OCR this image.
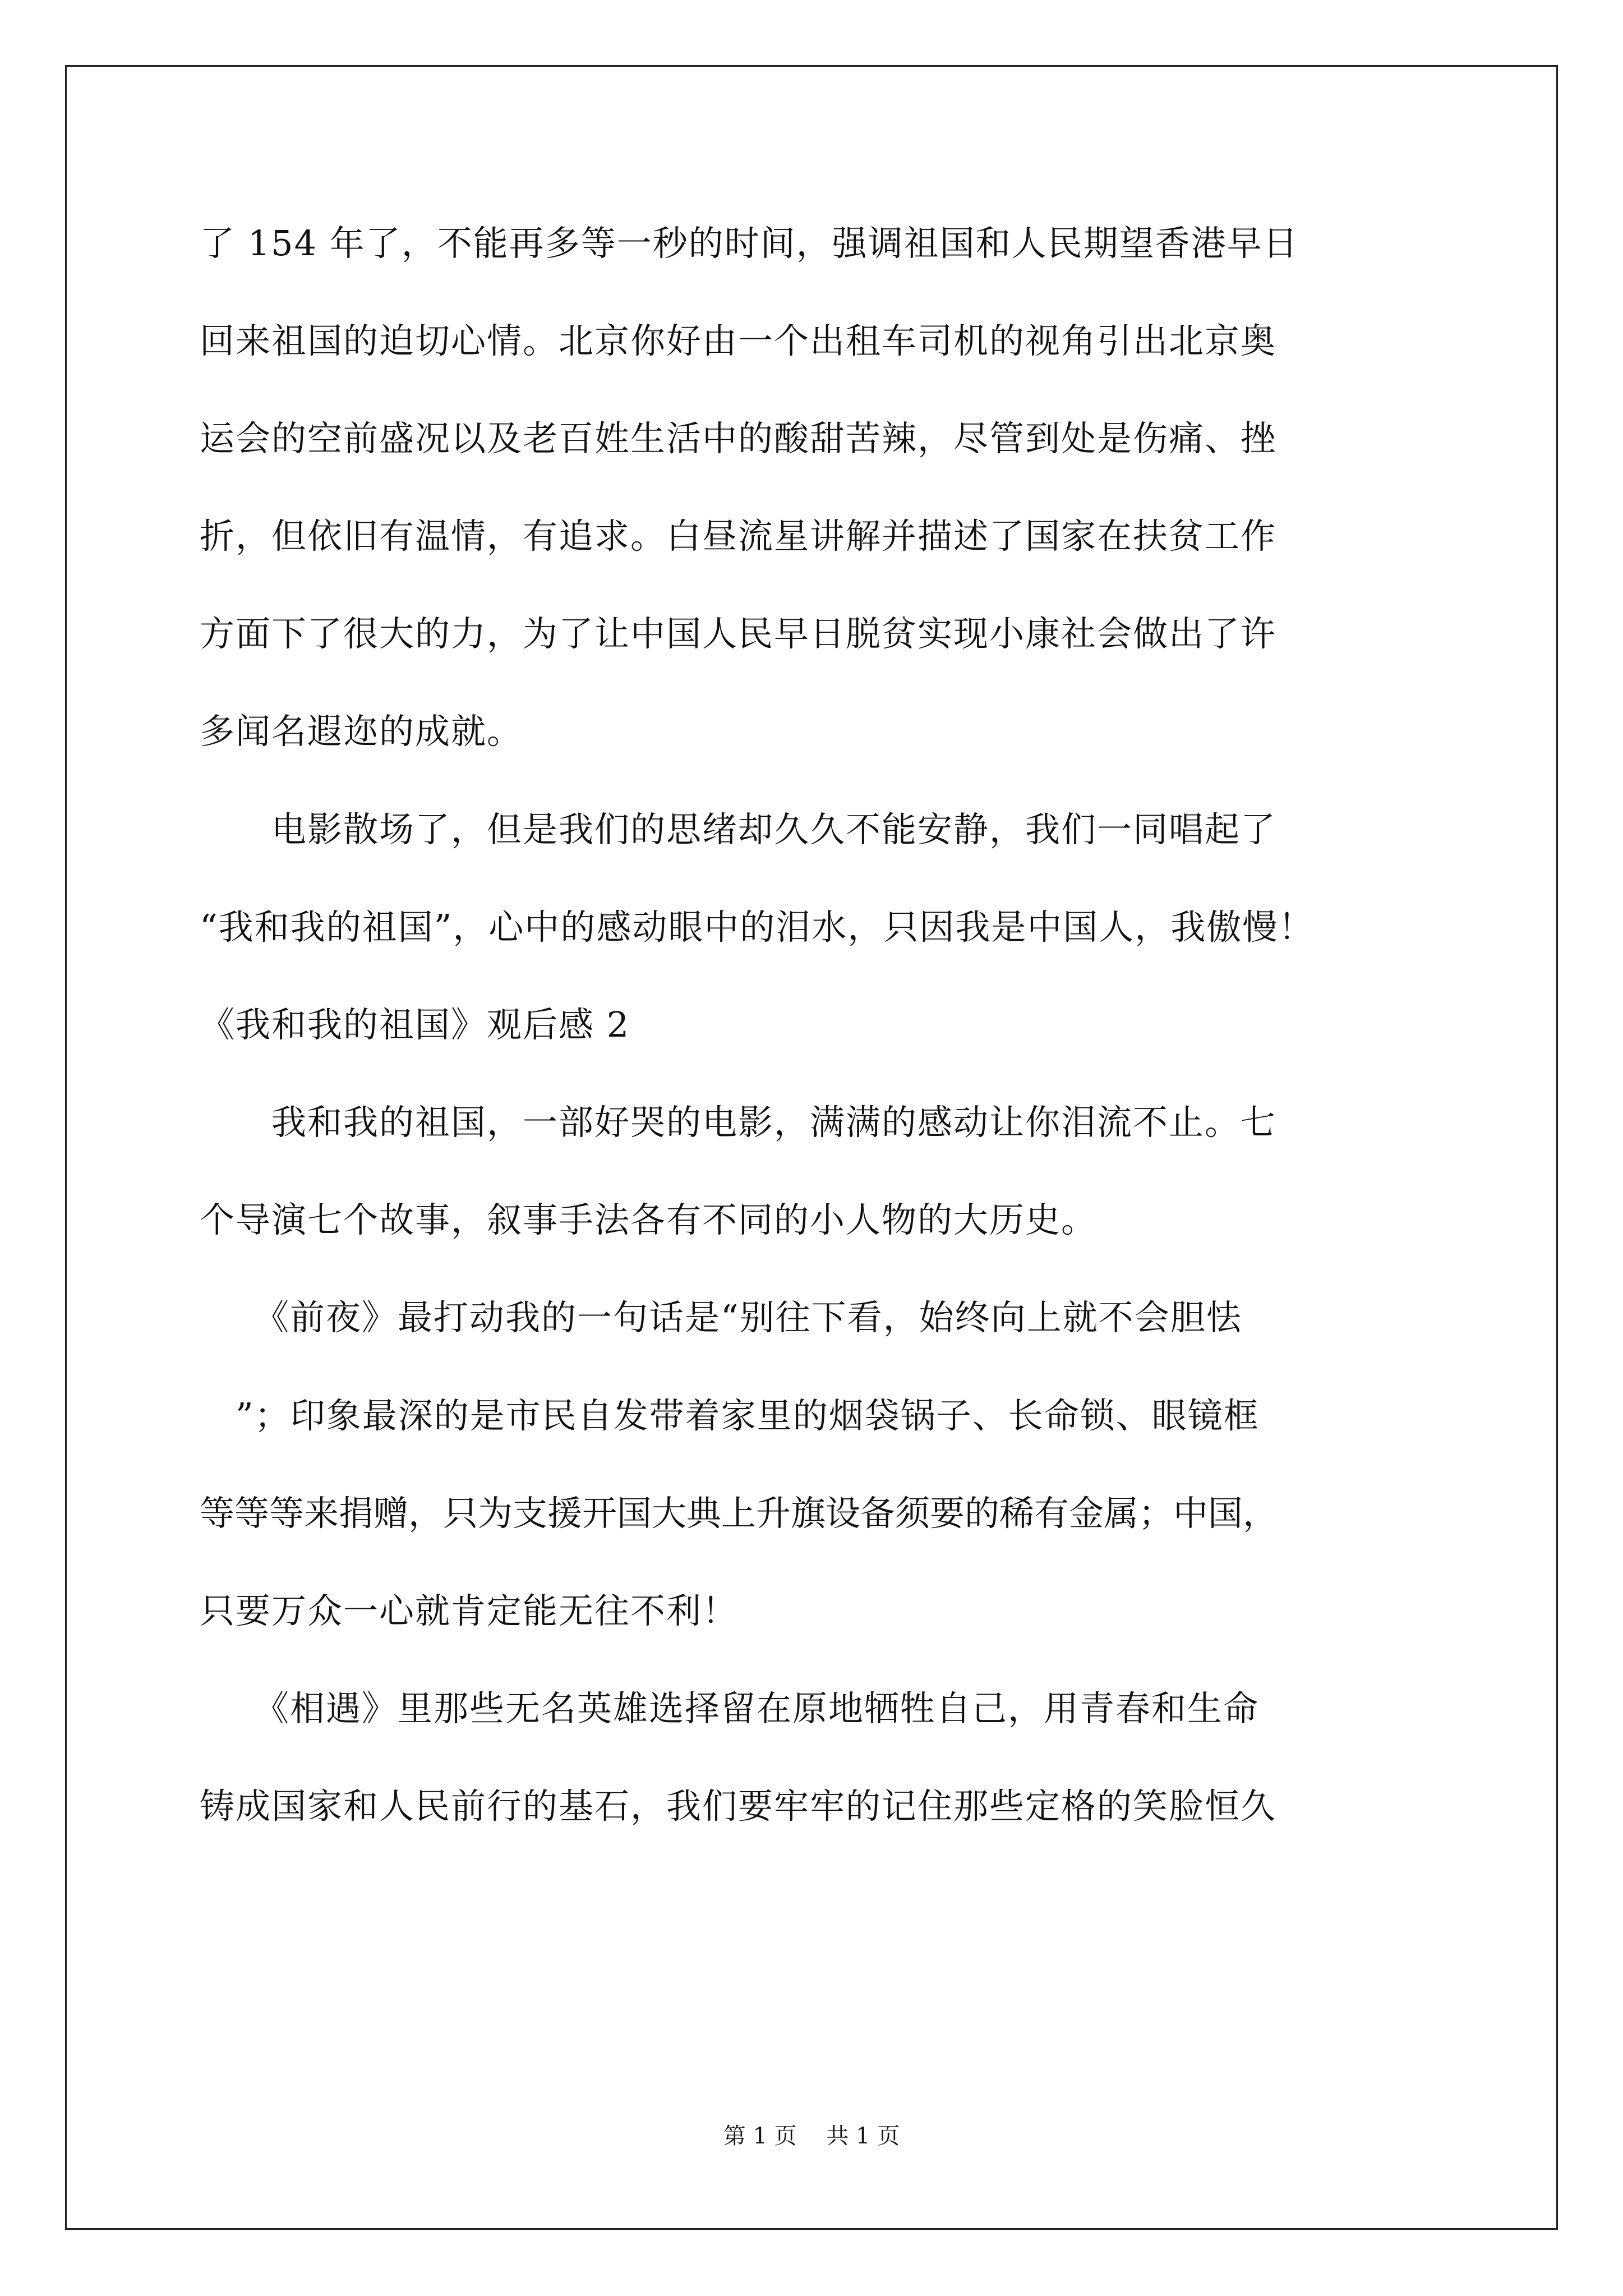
了 154 年了，不能再多等一秒的时间，强调祖国和人民期望香港早日
回来祖国的迫切心情。北京你好由一个出租车司机的视角引出北京奥
运会的空前盛况以及老百姓生活中的酸甜苦辣，尽管到处是伤痛、挫
折，但依旧有温情，有追求。白昼流星讲解并描述了国家在扶贫工作
方面下了很大的力，为了让中国人民早日脱贫实现小康社会做出了许
多闻名遐迩的成就。
　　电影散场了，但是我们的思绪却久久不能安静，我们一同唱起了
“我和我的祖国”，心中的感动眼中的泪水，只因我是中国人，我傲慢！
《我和我的祖国》观后感 2
　　我和我的祖国，一部好哭的电影，满满的感动让你泪流不止。七
个导演七个故事，叙事手法各有不同的小人物的大历史。
　　《前夜》最打动我的一句话是“别往下看，始终向上就不会胆怯
　”；印象最深的是市民自发带着家里的烟袋锅子、长命锁、眼镜框
等等等来捐赠，只为支援开国大典上升旗设备须要的稀有金属；中国，
只要万众一心就肯定能无往不利！
　　《相遇》里那些无名英雄选择留在原地牺牲自己，用青春和生命
铸成国家和人民前行的基石，我们要牢牢的记住那些定格的笑脸恒久
第 1 页　 共 1 页
